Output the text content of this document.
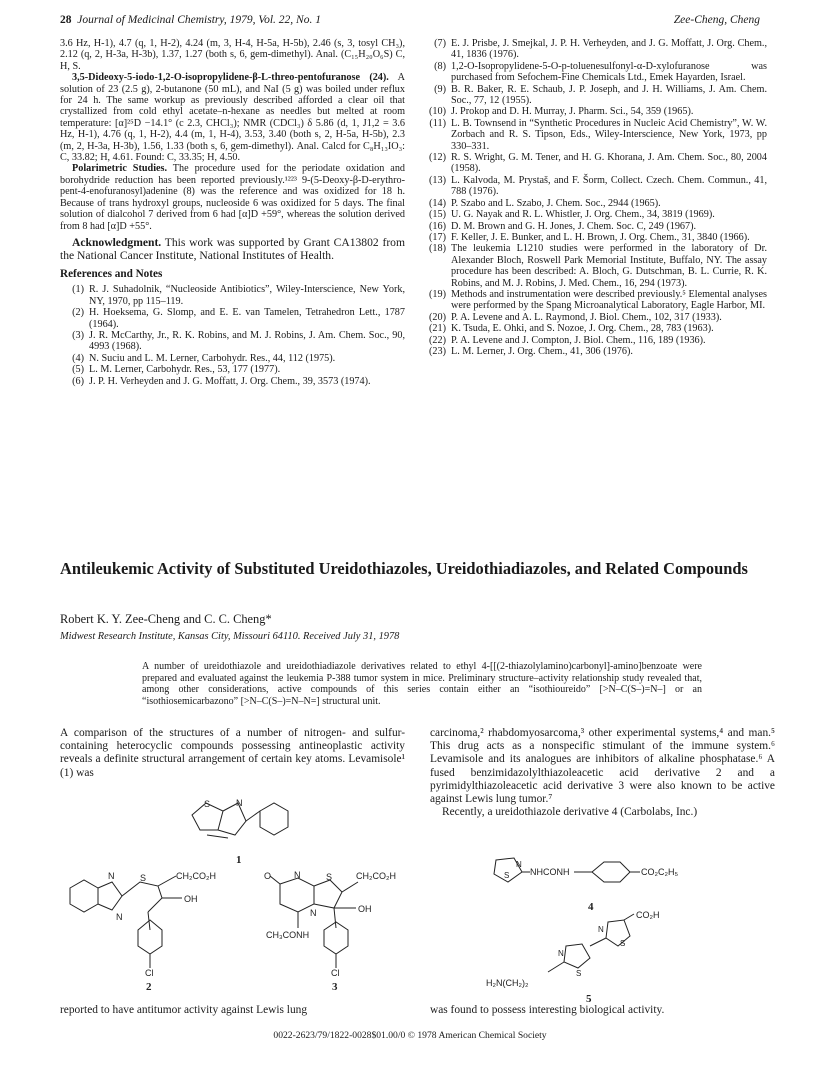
28 Journal of Medicinal Chemistry, 1979, Vol. 22, No. 1	Zee-Cheng, Cheng

3.6 Hz, H-1), 4.7 (q, 1, H-2), 4.24 (m, 3, H-4, H-5a, H-5b), 2.46 (s, 3, tosyl CH₃), 2.12 (q, 2, H-3a, H-3b), 1.37, 1.27 (both s, 6, gem-dimethyl). Anal. (C₁₅H₂₀O₆S) C, H, S.

3,5-Dideoxy-5-iodo-1,2-O-isopropylidene-β-L-threo-pentofuranose (24). A solution of 23 (2.5 g), 2-butanone (50 mL), and NaI (5 g) was boiled under reflux for 24 h. The same workup as previously described afforded a clear oil that crystallized from cold ethyl acetate–n-hexane as needles but melted at room temperature: [α]²⁵D −14.1° (c 2.3, CHCl₃); NMR (CDCl₃) δ 5.86 (d, 1, J1,2 = 3.6 Hz, H-1), 4.76 (q, 1, H-2), 4.4 (m, 1, H-4), 3.53, 3.40 (both s, 2, H-5a, H-5b), 2.3 (m, 2, H-3a, H-3b), 1.56, 1.33 (both s, 6, gem-dimethyl). Anal. Calcd for C₈H₁₃IO₃: C, 33.82; H, 4.61. Found: C, 33.35; H, 4.50.

Polarimetric Studies. The procedure used for the periodate oxidation and borohydride reduction has been reported previously.¹²²³ 9-(5-Deoxy-β-D-erythro-pent-4-enofuranosyl)adenine (8) was the reference and was oxidized for 18 h. Because of trans hydroxyl groups, nucleoside 6 was oxidized for 5 days. The final solution of dialcohol 7 derived from 6 had [α]D +59°, whereas the solution derived from 8 had [α]D +55°.

Acknowledgment. This work was supported by Grant CA13802 from the National Cancer Institute, National Institutes of Health.

References and Notes
(1) R. J. Suhadolnik, “Nucleoside Antibiotics”, Wiley-Interscience, New York, NY, 1970, pp 115–119.
(2) H. Hoeksema, G. Slomp, and E. E. van Tamelen, Tetrahedron Lett., 1787 (1964).
(3) J. R. McCarthy, Jr., R. K. Robins, and M. J. Robins, J. Am. Chem. Soc., 90, 4993 (1968).
(4) N. Suciu and L. M. Lerner, Carbohydr. Res., 44, 112 (1975).
(5) L. M. Lerner, Carbohydr. Res., 53, 177 (1977).
(6) J. P. H. Verheyden and J. G. Moffatt, J. Org. Chem., 39, 3573 (1974).
(7) E. J. Prisbe, J. Smejkal, J. P. H. Verheyden, and J. G. Moffatt, J. Org. Chem., 41, 1836 (1976).
(8) 1,2-O-Isopropylidene-5-O-p-toluenesulfonyl-α-D-xylofuranose was purchased from Sefochem-Fine Chemicals Ltd., Emek Hayarden, Israel.
(9) B. R. Baker, R. E. Schaub, J. P. Joseph, and J. H. Williams, J. Am. Chem. Soc., 77, 12 (1955).
(10) J. Prokop and D. H. Murray, J. Pharm. Sci., 54, 359 (1965).
(11) L. B. Townsend in “Synthetic Procedures in Nucleic Acid Chemistry”, W. W. Zorbach and R. S. Tipson, Eds., Wiley-Interscience, New York, 1973, pp 330–331.
(12) R. S. Wright, G. M. Tener, and H. G. Khorana, J. Am. Chem. Soc., 80, 2004 (1958).
(13) L. Kalvoda, M. Prystaš, and F. Šorm, Collect. Czech. Chem. Commun., 41, 788 (1976).
(14) P. Szabo and L. Szabo, J. Chem. Soc., 2944 (1965).
(15) U. G. Nayak and R. L. Whistler, J. Org. Chem., 34, 3819 (1969).
(16) D. M. Brown and G. H. Jones, J. Chem. Soc. C, 249 (1967).
(17) F. Keller, J. E. Bunker, and L. H. Brown, J. Org. Chem., 31, 3840 (1966).
(18) The leukemia L1210 studies were performed in the laboratory of Dr. Alexander Bloch, Roswell Park Memorial Institute, Buffalo, NY. The assay procedure has been described: A. Bloch, G. Dutschman, B. L. Currie, R. K. Robins, and M. J. Robins, J. Med. Chem., 16, 294 (1973).
(19) Methods and instrumentation were described previously.⁵ Elemental analyses were performed by the Spang Microanalytical Laboratory, Eagle Harbor, MI.
(20) P. A. Levene and A. L. Raymond, J. Biol. Chem., 102, 317 (1933).
(21) K. Tsuda, E. Ohki, and S. Nozoe, J. Org. Chem., 28, 783 (1963).
(22) P. A. Levene and J. Compton, J. Biol. Chem., 116, 189 (1936).
(23) L. M. Lerner, J. Org. Chem., 41, 306 (1976).
Antileukemic Activity of Substituted Ureidothiazoles, Ureidothiadiazoles, and Related Compounds
Robert K. Y. Zee-Cheng and C. C. Cheng*
Midwest Research Institute, Kansas City, Missouri 64110. Received July 31, 1978
A number of ureidothiazole and ureidothiadiazole derivatives related to ethyl 4-[[(2-thiazolylamino)carbonyl]-amino]benzoate were prepared and evaluated against the leukemia P-388 tumor system in mice. Preliminary structure–activity relationship study revealed that, among other considerations, active compounds of this series contain either an “isothioureido” [>N–C(S–)=N–] or an “isothiosemicarbazono” [>N–C(S–)=N–N=] structural unit.
A comparison of the structures of a number of nitrogen- and sulfur-containing heterocyclic compounds possessing antineoplastic activity reveals a definite structural arrangement of certain key atoms. Levamisole¹ (1) was
carcinoma,² rhabdomyosarcoma,³ other experimental systems,⁴ and man.⁵ This drug acts as a nonspecific stimulant of the immune system.⁶ Levamisole and its analogues are inhibitors of alkaline phosphatase.⁶ A fused benzimidazolylthiazoleacetic acid derivative 2 and a pyrimidylthiazoleacetic acid derivative 3 were also known to be active against Lewis lung tumor.⁷
Recently, a ureidothiazole derivative 4 (Carbolabs, Inc.)
S	N
1
N	S	CH₂CO₂H
N
OH
Cl
2
O	N	S	CH₂CO₂H
N	OH
CH₃CONH
Cl
3
N
S NHCONH	CO₂C₂H₅
4
CO₂H
S
N
N
S
H₂N(CH₂)₂
5
reported to have antitumor activity against Lewis lung	was found to possess interesting biological activity.
0022-2623/79/1822-0028$01.00/0 © 1978 American Chemical Society
